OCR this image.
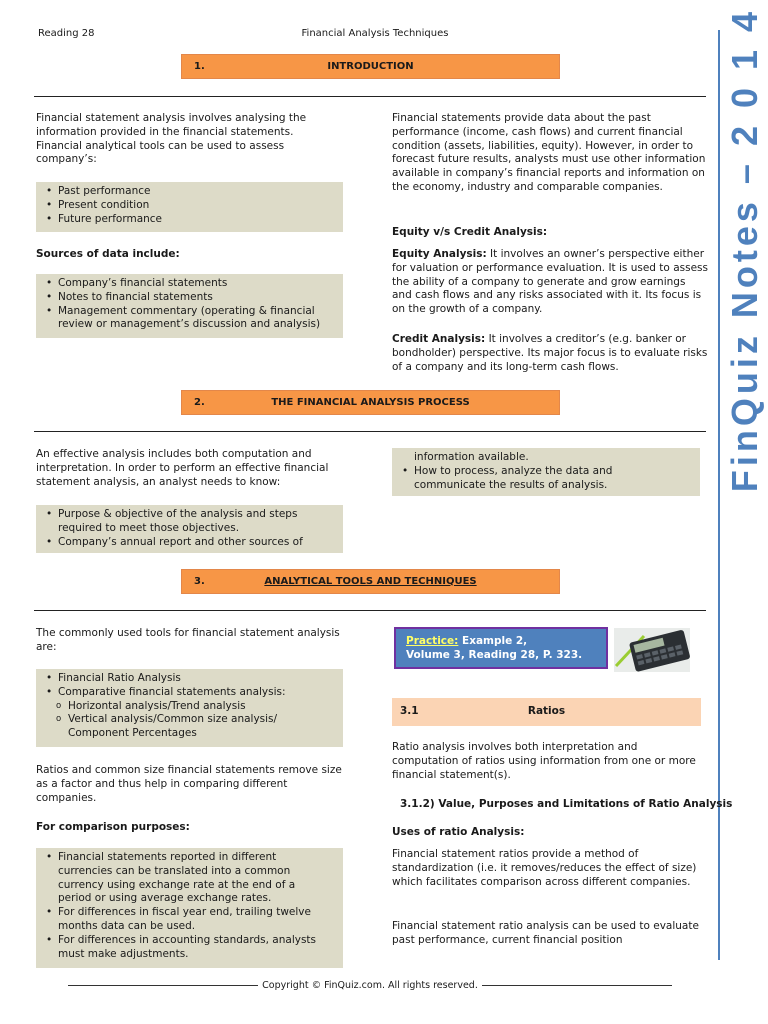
Reading 28	Financial Analysis Techniques	FinQuiz Notes – 2 0 1 4
1.	INTRODUCTION
Financial statement analysis involves analysing the information provided in the financial statements. Financial analytical tools can be used to assess company’s:
• Past performance
• Present condition
• Future performance
Sources of data include:
• Company’s financial statements
• Notes to financial statements
• Management commentary (operating & financial
review or management’s discussion and analysis)
Financial statements provide data about the past performance (income, cash flows) and current financial condition (assets, liabilities, equity). However, in order to forecast future results, analysts must use other information available in company’s financial reports and information on the economy, industry and comparable companies.
Equity v/s Credit Analysis:
Equity Analysis: It involves an owner’s perspective either for valuation or performance evaluation. It is used to assess the ability of a company to generate and grow earnings and cash flows and any risks associated with it. Its focus is on the growth of a company.
Credit Analysis: It involves a creditor’s (e.g. banker or bondholder) perspective. Its major focus is to evaluate risks of a company and its long-term cash flows.
2.	THE FINANCIAL ANALYSIS PROCESS
An effective analysis includes both computation and interpretation. In order to perform an effective financial statement analysis, an analyst needs to know:
• Purpose & objective of the analysis and steps
required to meet those objectives.
• Company’s annual report and other sources of
information available.
• How to process, analyze the data and
communicate the results of analysis.
3.	ANALYTICAL TOOLS AND TECHNIQUES
The commonly used tools for financial statement analysis are:
• Financial Ratio Analysis
• Comparative financial statements analysis:
o Horizontal analysis/Trend analysis
o Vertical analysis/Common size analysis/
Component Percentages
Ratios and common size financial statements remove size as a factor and thus help in comparing different companies.
For comparison purposes:
• Financial statements reported in different
currencies can be translated into a common
currency using exchange rate at the end of a
period or using average exchange rates.
• For differences in fiscal year end, trailing twelve
months data can be used.
• For differences in accounting standards, analysts
must make adjustments.
Practice: Example 2,
Volume 3, Reading 28, P. 323.
3.1	Ratios
Ratio analysis involves both interpretation and computation of ratios using information from one or more financial statement(s).
3.1.2) Value, Purposes and Limitations of Ratio Analysis
Uses of ratio Analysis:
Financial statement ratios provide a method of standardization (i.e. it removes/reduces the effect of size) which facilitates comparison across different companies.
Financial statement ratio analysis can be used to evaluate past performance, current financial position
Copyright © FinQuiz.com. All rights reserved.
